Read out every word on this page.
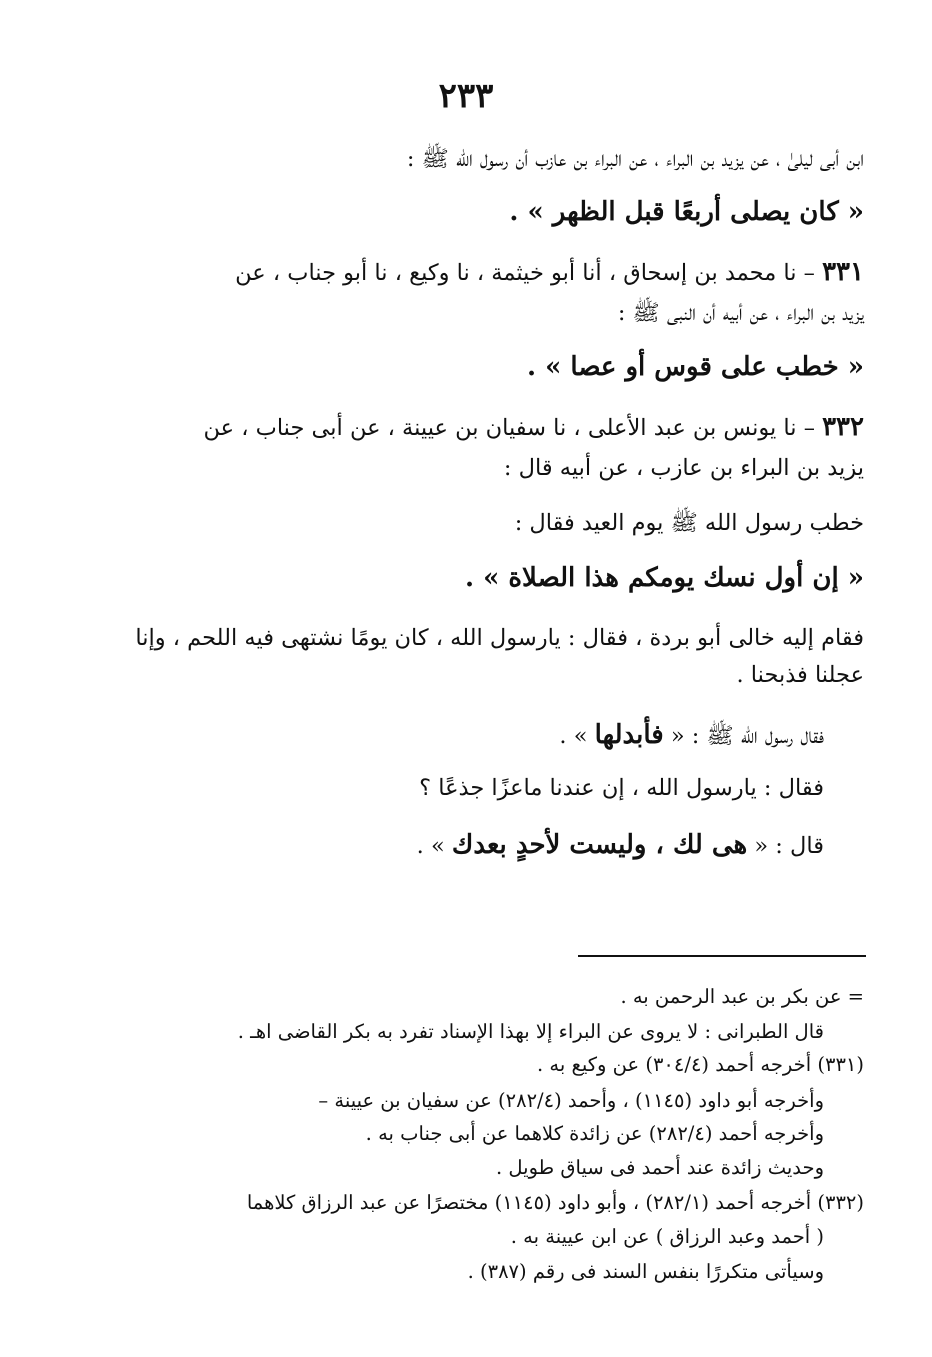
٢٣٣
ابن أبى ليلىٰ ، عن يزيد بن البراء ، عن البراء بن عازب أن رسول الله ﷺ :
« كان يصلى أربعًا قبل الظهر » .
٣٣١ – نا محمد بن إسحاق ، أنا أبو خيثمة ، نا وكيع ، نا أبو جناب ، عن
يزيد بن البراء ، عن أبيه أن النبى ﷺ :
« خطب على قوس أو عصا » .
٣٣٢ – نا يونس بن عبد الأعلى ، نا سفيان بن عيينة ، عن أبى جناب ، عن
يزيد بن البراء بن عازب ، عن أبيه قال :
خطب رسول الله ﷺ يوم العيد فقال :
« إن أول نسك يومكم هذا الصلاة » .
فقام إليه خالى أبو بردة ، فقال : يارسول الله ، كان يومًا نشتهى فيه اللحم ، وإنا
عجلنا فذبحنا .
فقال رسول الله ﷺ : « فأبدلها » .
فقال : يارسول الله ، إن عندنا ماعزًا جذعًا ؟
قال : « هى لك ، وليست لأحدٍ بعدك » .
= عن بكر بن عبد الرحمن به .
قال الطبرانى : لا يروى عن البراء إلا بهذا الإسناد تفرد به بكر القاضى اهـ .
(٣٣١) أخرجه أحمد (٣٠٤/٤) عن وكيع به .
وأخرجه أبو داود (١١٤٥) ، وأحمد (٢٨٢/٤) عن سفيان بن عيينة –
وأخرجه أحمد (٢٨٢/٤) عن زائدة كلاهما عن أبى جناب به .
وحديث زائدة عند أحمد فى سياق طويل .
(٣٣٢) أخرجه أحمد (٢٨٢/١) ، وأبو داود (١١٤٥) مختصرًا عن عبد الرزاق كلاهما
( أحمد وعبد الرزاق ) عن ابن عيينة به .
وسيأتى متكررًا بنفس السند فى رقم (٣٨٧) .
